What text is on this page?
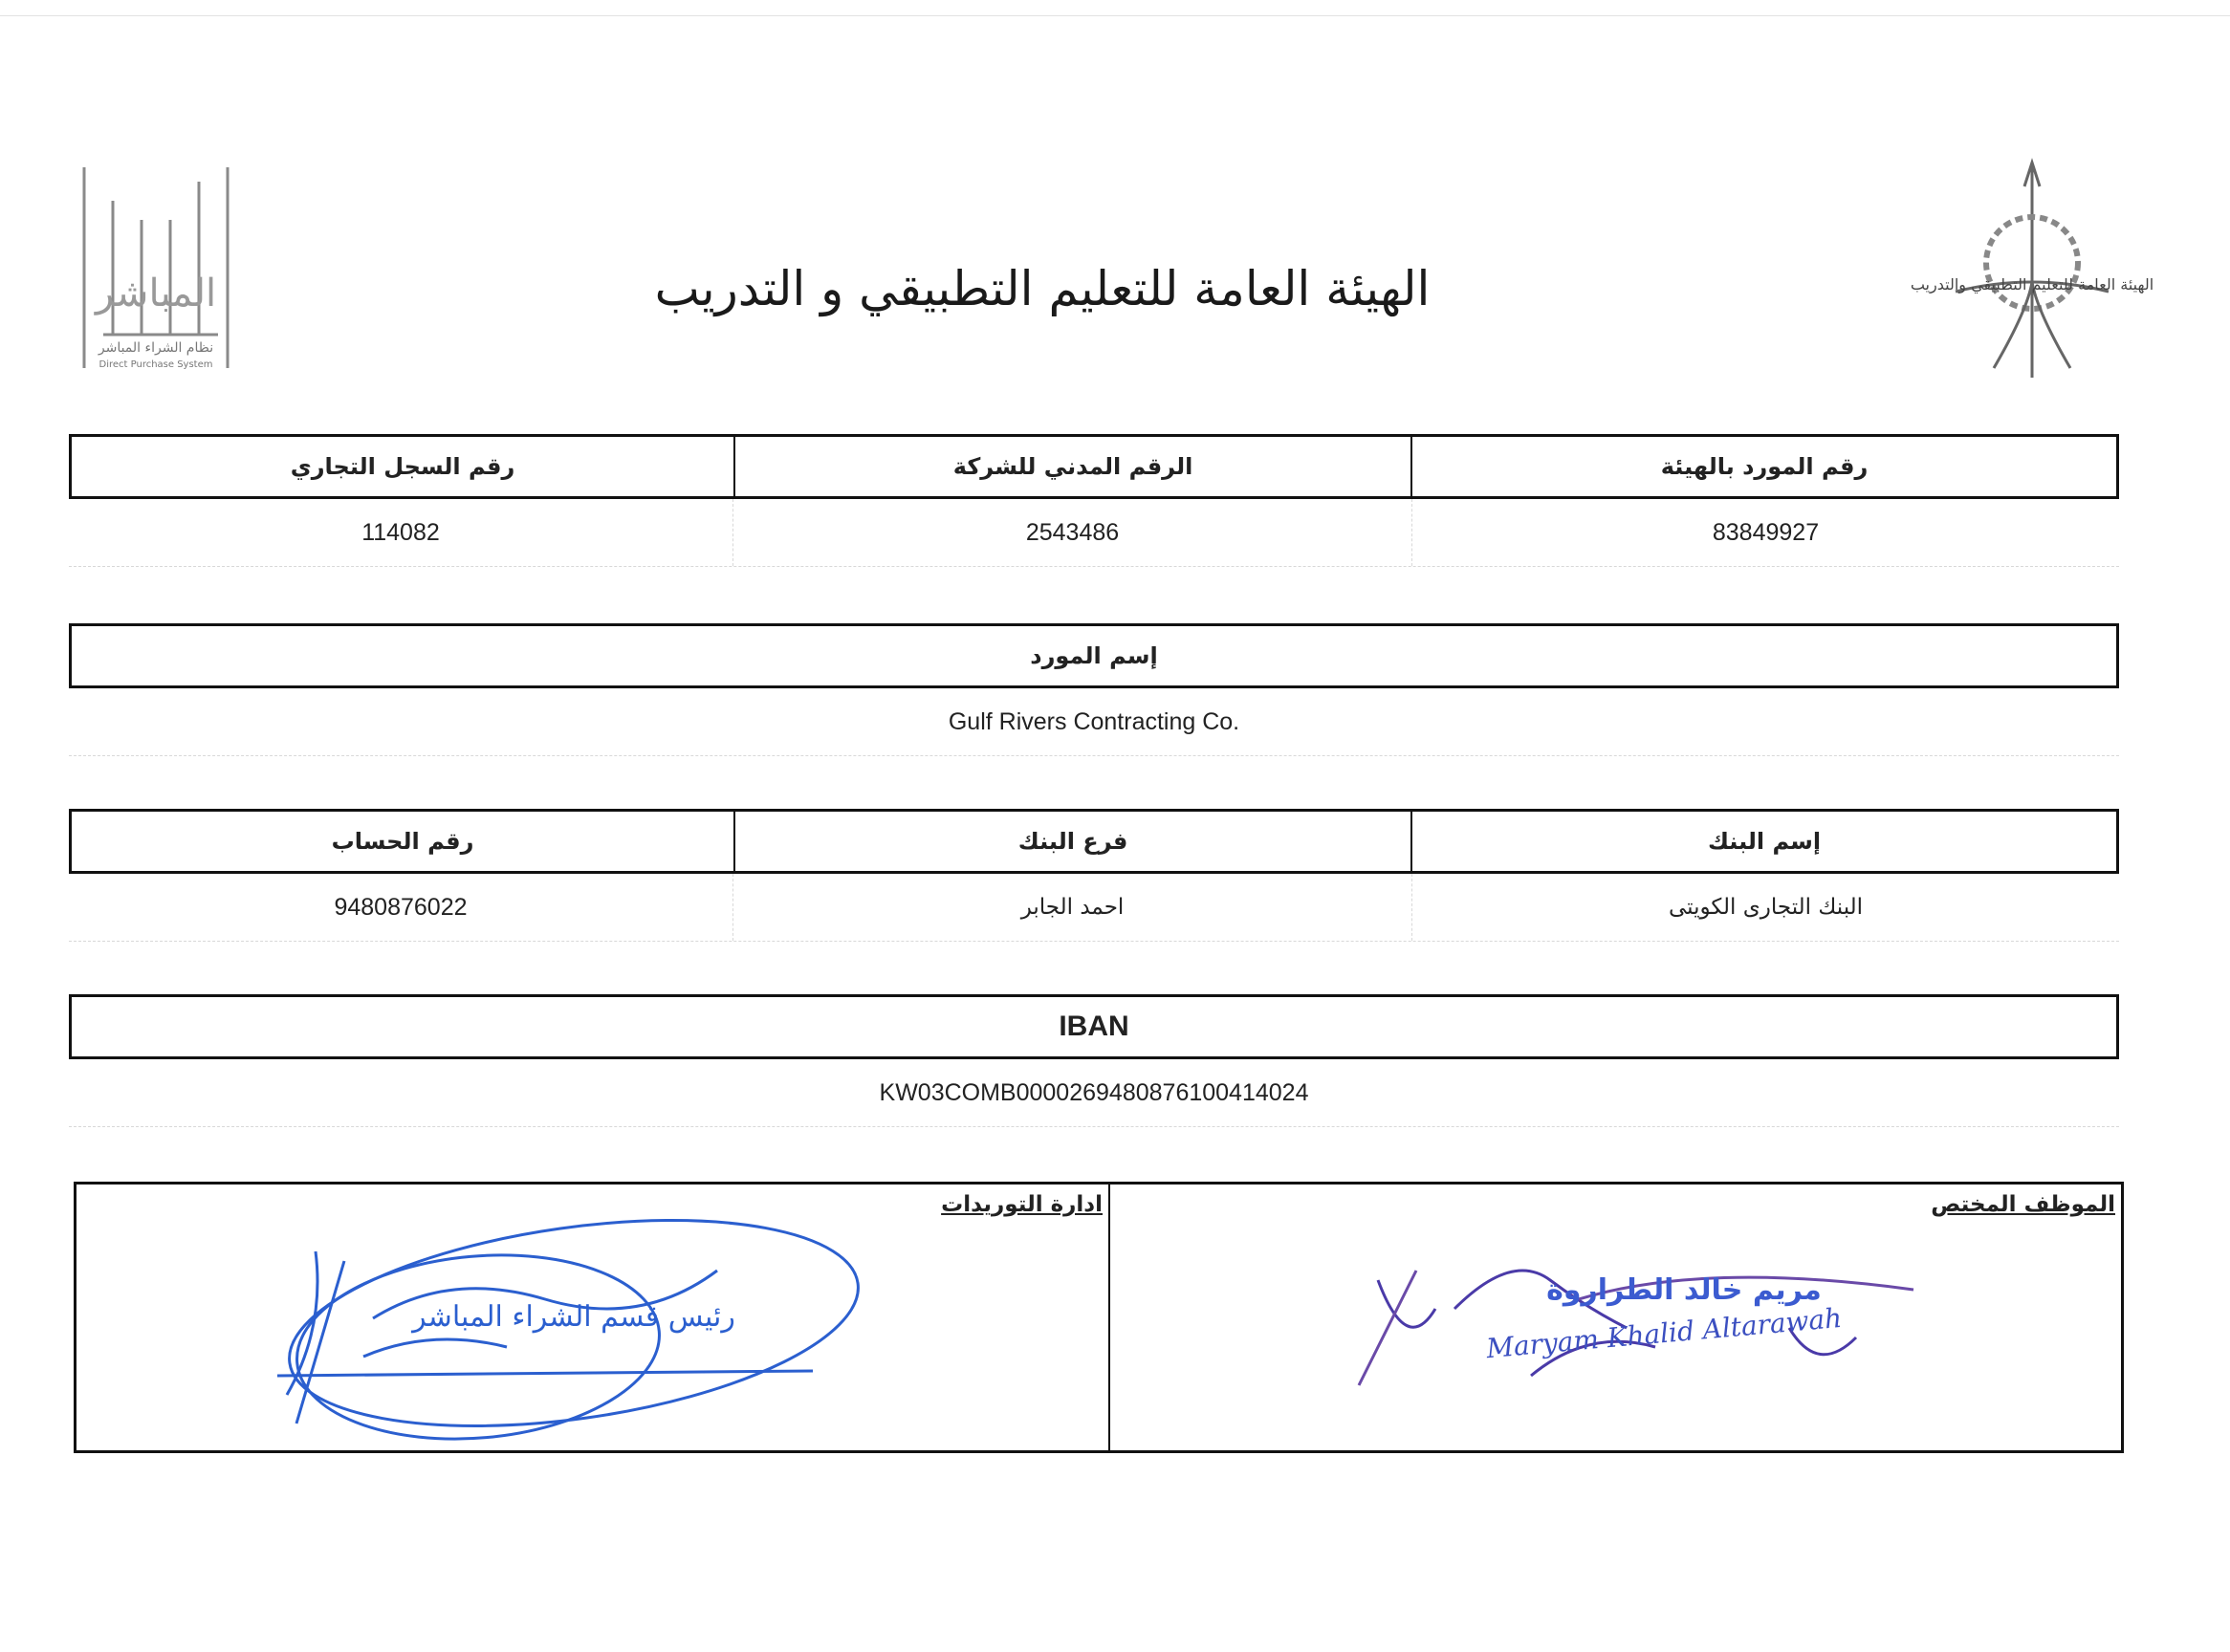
الهيئة العامة للتعليم التطبيقي والتدريب
المباشر
نظام الشراء المباشر
Direct Purchase System
الهيئة العامة للتعليم التطبيقي و التدريب
رقم المورد بالهيئة
الرقم المدني للشركة
رقم السجل التجاري
83849927
2543486
114082
إسم المورد
Gulf Rivers Contracting Co.
إسم البنك
فرع البنك
رقم الحساب
البنك التجارى الكويتى
احمد الجابر
9480876022
IBAN
KW03COMB0000269480876100414024
ادارة التوريدات
رئيس قسم الشراء المباشر
الموظف المختص
مريم خالد الطراروة
Maryam Khalid Altarawah
